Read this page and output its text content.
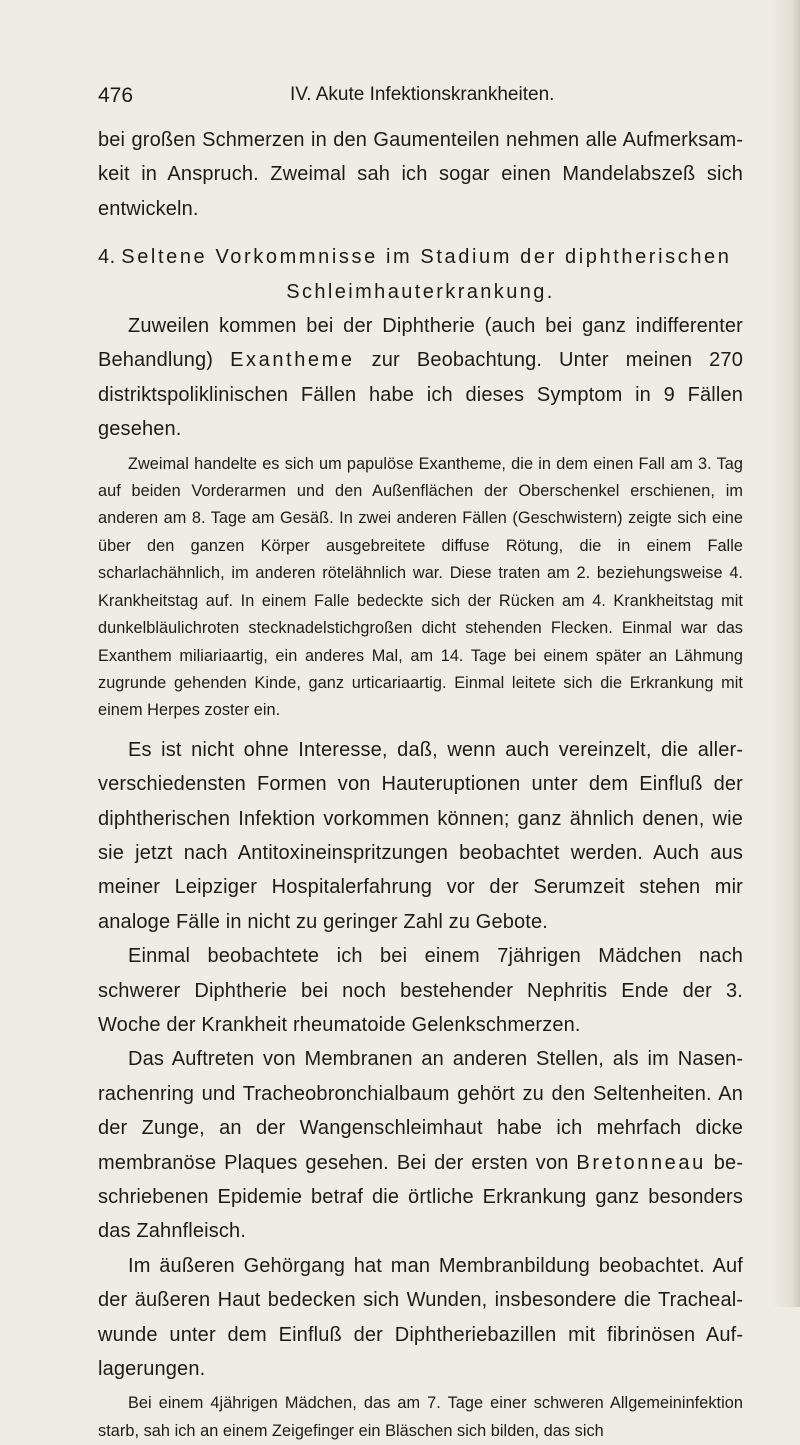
476	IV. Akute Infektionskrankheiten.

bei großen Schmerzen in den Gaumenteilen nehmen alle Aufmerksamkeit in Anspruch. Zweimal sah ich sogar einen Mandelabszeß sich entwickeln.

4. Seltene Vorkommnisse im Stadium der diphtherischen
Schleimhauterkrankung.

Zuweilen kommen bei der Diphtherie (auch bei ganz indifferenter Behandlung) Exantheme zur Beobachtung. Unter meinen 270 distriktspoliklinischen Fällen habe ich dieses Symptom in 9 Fällen gesehen.

Zweimal handelte es sich um papulöse Exantheme, die in dem einen Fall am 3. Tag auf beiden Vorderarmen und den Außenflächen der Oberschenkel erschienen, im anderen am 8. Tage am Gesäß. In zwei anderen Fällen (Geschwistern) zeigte sich eine über den ganzen Körper ausgebreitete diffuse Rötung, die in einem Falle scharlachähnlich, im anderen rötelähnlich war. Diese traten am 2. beziehungsweise 4. Krankheitstag auf. In einem Falle bedeckte sich der Rücken am 4. Krankheitstag mit dunkelbläulichroten stecknadelstichgroßen dicht stehenden Flecken. Einmal war das Exanthem miliariaartig, ein anderes Mal, am 14. Tage bei einem später an Lähmung zugrunde gehenden Kinde, ganz urticariaartig. Einmal leitete sich die Erkrankung mit einem Herpes zoster ein.

Es ist nicht ohne Interesse, daß, wenn auch vereinzelt, die allerverschiedensten Formen von Hauteruptionen unter dem Einfluß der diphtherischen Infektion vorkommen können; ganz ähnlich denen, wie sie jetzt nach Antitoxineinspritzungen beobachtet werden. Auch aus meiner Leipziger Hospitalerfahrung vor der Serumzeit stehen mir analoge Fälle in nicht zu geringer Zahl zu Gebote.

Einmal beobachtete ich bei einem 7jährigen Mädchen nach schwerer Diphtherie bei noch bestehender Nephritis Ende der 3. Woche der Krankheit rheumatoide Gelenkschmerzen.

Das Auftreten von Membranen an anderen Stellen, als im Nasenrachenring und Tracheobronchialbaum gehört zu den Seltenheiten. An der Zunge, an der Wangenschleimhaut habe ich mehrfach dicke membranöse Plaques gesehen. Bei der ersten von Bretonneau beschriebenen Epidemie betraf die örtliche Erkrankung ganz besonders das Zahnfleisch.

Im äußeren Gehörgang hat man Membranbildung beobachtet. Auf der äußeren Haut bedecken sich Wunden, insbesondere die Trachealwunde unter dem Einfluß der Diphtheriebazillen mit fibrinösen Auflagerungen.

Bei einem 4jährigen Mädchen, das am 7. Tage einer schweren Allgemeininfektion starb, sah ich an einem Zeigefinger ein Bläschen sich bilden, das sich
